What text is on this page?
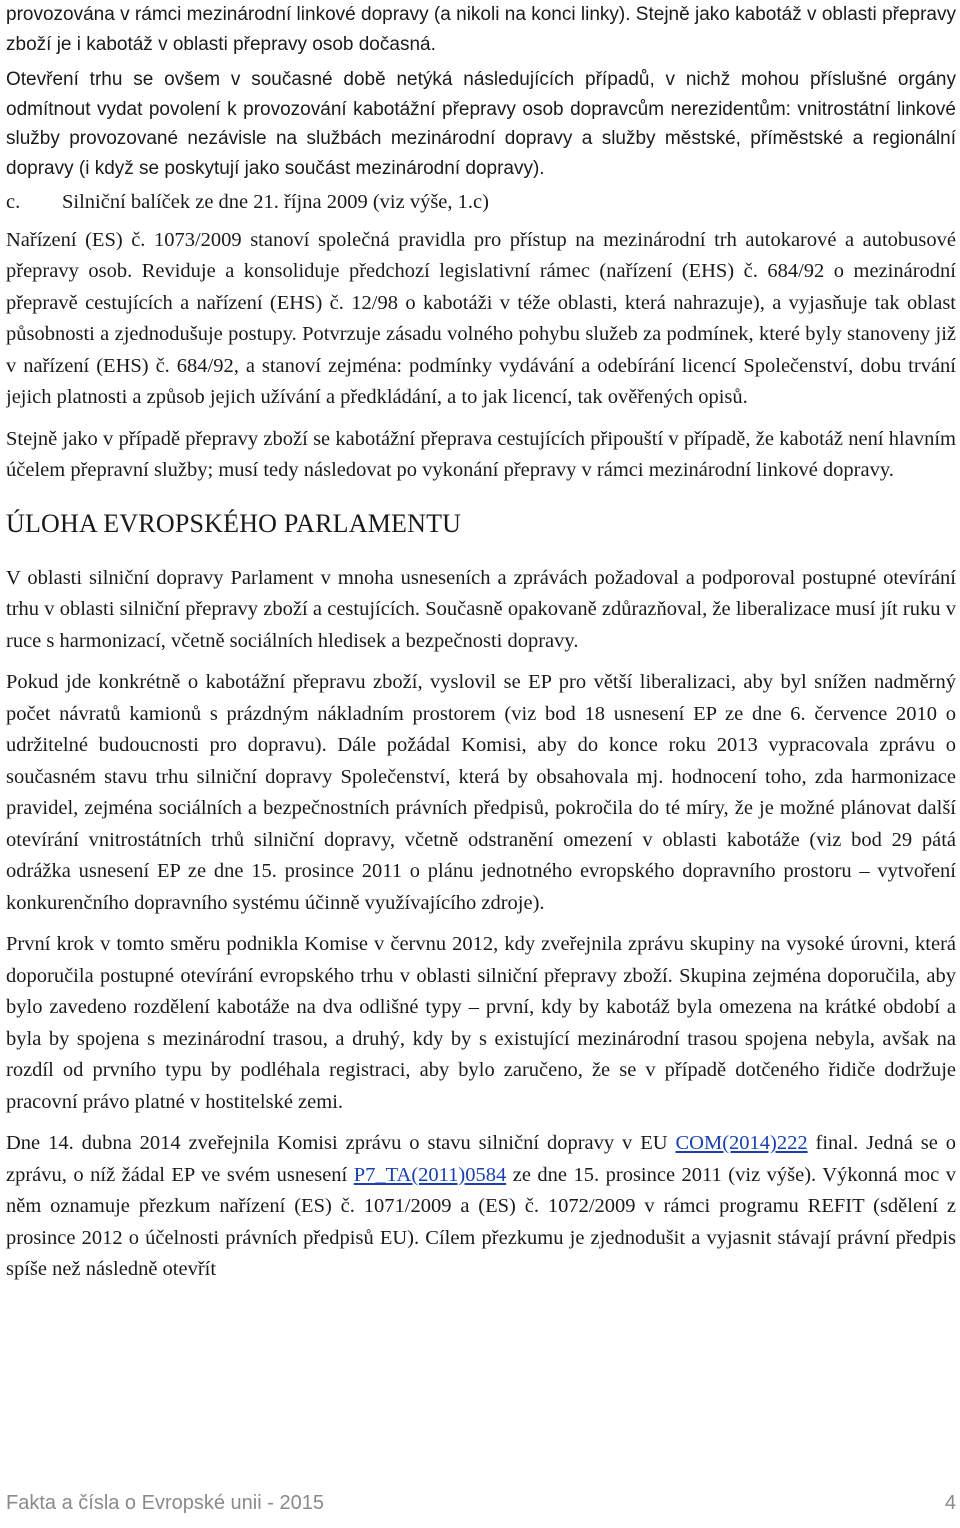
provozována v rámci mezinárodní linkové dopravy (a nikoli na konci linky). Stejně jako kabotáž v oblasti přepravy zboží je i kabotáž v oblasti přepravy osob dočasná.

Otevření trhu se ovšem v současné době netýká následujících případů, v nichž mohou příslušné orgány odmítnout vydat povolení k provozování kabotážní přepravy osob dopravcům nerezidentům: vnitrostátní linkové služby provozované nezávisle na službách mezinárodní dopravy a služby městské, příměstské a regionální dopravy (i když se poskytují jako součást mezinárodní dopravy).

c. Silniční balíček ze dne 21. října 2009 (viz výše, 1.c)

Nařízení (ES) č. 1073/2009 stanoví společná pravidla pro přístup na mezinárodní trh autokarové a autobusové přepravy osob. Reviduje a konsoliduje předchozí legislativní rámec (nařízení (EHS) č. 684/92 o mezinárodní přepravě cestujících a nařízení (EHS) č. 12/98 o kabotáži v téže oblasti, která nahrazuje), a vyjasňuje tak oblast působnosti a zjednodušuje postupy. Potvrzuje zásadu volného pohybu služeb za podmínek, které byly stanoveny již v nařízení (EHS) č. 684/92, a stanoví zejména: podmínky vydávání a odebírání licencí Společenství, dobu trvání jejich platnosti a způsob jejich užívání a předkládání, a to jak licencí, tak ověřených opisů.

Stejně jako v případě přepravy zboží se kabotážní přeprava cestujících připouští v případě, že kabotáž není hlavním účelem přepravní služby; musí tedy následovat po vykonání přepravy v rámci mezinárodní linkové dopravy.

ÚLOHA EVROPSKÉHO PARLAMENTU

V oblasti silniční dopravy Parlament v mnoha usneseních a zprávách požadoval a podporoval postupné otevírání trhu v oblasti silniční přepravy zboží a cestujících. Současně opakovaně zdůrazňoval, že liberalizace musí jít ruku v ruce s harmonizací, včetně sociálních hledisek a bezpečnosti dopravy.

Pokud jde konkrétně o kabotážní přepravu zboží, vyslovil se EP pro větší liberalizaci, aby byl snížen nadměrný počet návratů kamionů s prázdným nákladním prostorem (viz bod 18 usnesení EP ze dne 6. července 2010 o udržitelné budoucnosti pro dopravu). Dále požádal Komisi, aby do konce roku 2013 vypracovala zprávu o současném stavu trhu silniční dopravy Společenství, která by obsahovala mj. hodnocení toho, zda harmonizace pravidel, zejména sociálních a bezpečnostních právních předpisů, pokročila do té míry, že je možné plánovat další otevírání vnitrostátních trhů silniční dopravy, včetně odstranění omezení v oblasti kabotáže (viz bod 29 pátá odrážka usnesení EP ze dne 15. prosince 2011 o plánu jednotného evropského dopravního prostoru – vytvoření konkurenčního dopravního systému účinně využívajícího zdroje).

První krok v tomto směru podnikla Komise v červnu 2012, kdy zveřejnila zprávu skupiny na vysoké úrovni, která doporučila postupné otevírání evropského trhu v oblasti silniční přepravy zboží. Skupina zejména doporučila, aby bylo zavedeno rozdělení kabotáže na dva odlišné typy – první, kdy by kabotáž byla omezena na krátké období a byla by spojena s mezinárodní trasou, a druhý, kdy by s existující mezinárodní trasou spojena nebyla, avšak na rozdíl od prvního typu by podléhala registraci, aby bylo zaručeno, že se v případě dotčeného řidiče dodržuje pracovní právo platné v hostitelské zemi.

Dne 14. dubna 2014 zveřejnila Komisi zprávu o stavu silniční dopravy v EU COM(2014)222 final. Jedná se o zprávu, o níž žádal EP ve svém usnesení P7_TA(2011)0584 ze dne 15. prosince 2011 (viz výše). Výkonná moc v něm oznamuje přezkum nařízení (ES) č. 1071/2009 a (ES) č. 1072/2009 v rámci programu REFIT (sdělení z prosince 2012 o účelnosti právních předpisů EU). Cílem přezkumu je zjednodušit a vyjasnit stávají právní předpis spíše než následně otevřít

Fakta a čísla o Evropské unii - 2015	4
